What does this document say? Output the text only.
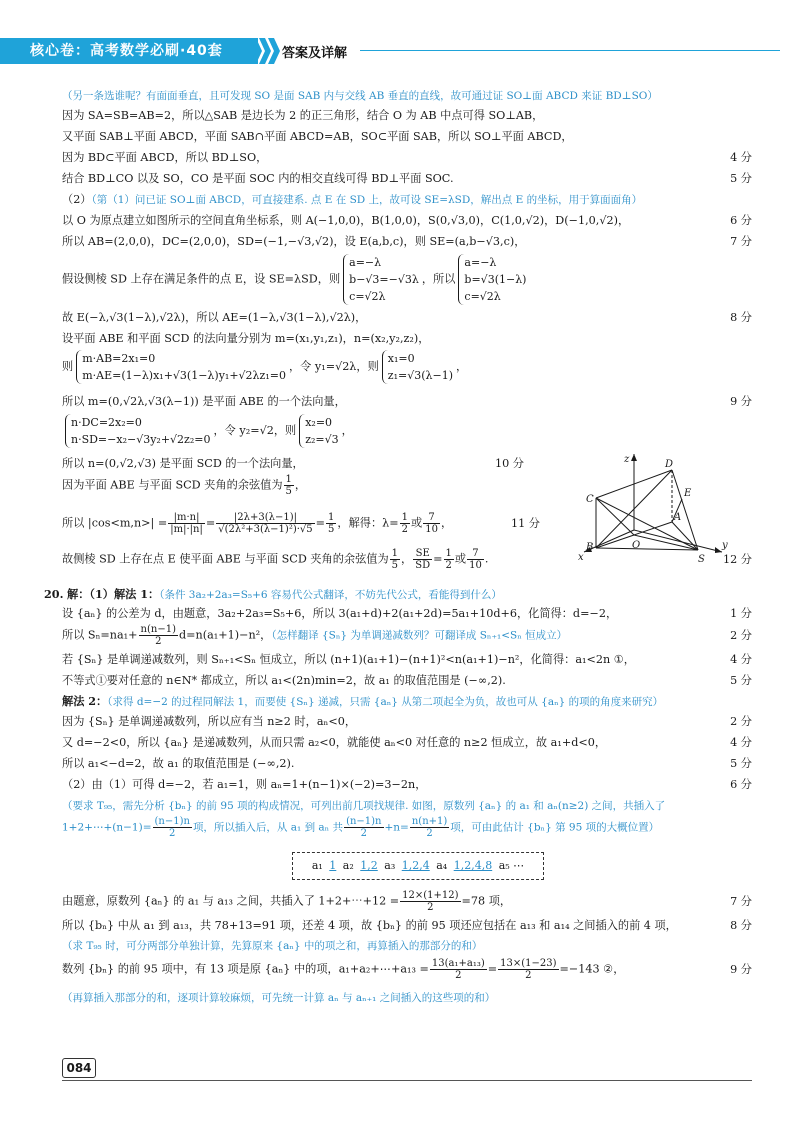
核心卷：高考数学必刷·40套	答案及详解
（另一条选谁呢？有面面垂直，且可发现 SO 是面 SAB 内与交线 AB 垂直的直线，故可通过证 SO⊥面 ABCD 来证 BD⊥SO）
因为 SA=SB=AB=2，所以△SAB 是边长为 2 的正三角形，结合 O 为 AB 中点可得 SO⊥AB，
又平面 SAB⊥平面 ABCD，平面 SAB∩平面 ABCD=AB，SO⊂平面 SAB，所以 SO⊥平面 ABCD，
因为 BD⊂平面 ABCD，所以 BD⊥SO，	4 分
结合 BD⊥CO 以及 SO，CO 是平面 SOC 内的相交直线可得 BD⊥平面 SOC.	5 分
（2）（第（1）问已证 SO⊥面 ABCD，可直接建系. 点 E 在 SD 上，故可设 SE=λSD，解出点 E 的坐标，用于算面面角）
以 O 为原点建立如图所示的空间直角坐标系，则 A(−1,0,0)，B(1,0,0)，S(0,√3,0)，C(1,0,√2)，D(−1,0,√2)，	6 分
所以 AB=(2,0,0)，DC=(2,0,0)，SD=(−1,−√3,√2)，设 E(a,b,c)，则 SE=(a,b−√3,c)，	7 分
假设侧棱 SD 上存在满足条件的点 E，设 SE=λSD，则
a=−λ
b−√3=−√3λ
c=√2λ
，所以
a=−λ
b=√3(1−λ)
c=√2λ
故 E(−λ,√3(1−λ),√2λ)，所以 AE=(1−λ,√3(1−λ),√2λ)，	8 分
设平面 ABE 和平面 SCD 的法向量分别为 m=(x₁,y₁,z₁)，n=(x₂,y₂,z₂)，
则
m·AB=2x₁=0
m·AE=(1−λ)x₁+√3(1−λ)y₁+√2λz₁=0
，令 y₁=√2λ，则
x₁=0
z₁=√3(λ−1)
，
所以 m=(0,√2λ,√3(λ−1)) 是平面 ABE 的一个法向量，	9 分
n·DC=2x₂=0
n·SD=−x₂−√3y₂+√2z₂=0
，令 y₂=√2，则
x₂=0
z₂=√3
，
所以 n=(0,√2,√3) 是平面 SCD 的一个法向量，	10 分
因为平面 ABE 与平面 SCD 夹角的余弦值为 $\frac{1}{5}$ ，
所以 $|\cos<m,n>| = \frac{|m\cdot n|}{|m|\cdot|n|} = \frac{|2\lambda+3(\lambda-1)|}{\text{√(2λ²+3(λ−1)²)·√5}} = \frac{1}{5}$ ，解得：$\lambda= \frac{1}{2}$ 或 $\frac{7}{10}$ ，	11 分
故侧棱 SD 上存在点 E 使平面 ABE 与平面 SCD 夹角的余弦值为 $\frac{1}{5}$ ， $\frac{SE}{SD} = \frac{1}{2}$ 或 $\frac{7}{10}$ .	12 分
20. 解：（1）解法 1：（条件 3a₂+2a₃=S₅+6 容易代公式翻译，不妨先代公式，看能得到什么）
设 {aₙ} 的公差为 d，由题意，3a₂+2a₃=S₅+6，所以 3(a₁+d)+2(a₁+2d)=5a₁+10d+6，化简得：d=−2，	1 分
所以 $S_n=na_1+ \frac{n(n-1)}{2} d=n(a_1+1)-n^2$，（怎样翻译 {Sₙ} 为单调递减数列？可翻译成 Sₙ₊₁<Sₙ 恒成立）	2 分
若 {Sₙ} 是单调递减数列，则 Sₙ₊₁<Sₙ 恒成立，所以 (n+1)(a₁+1)−(n+1)²<n(a₁+1)−n²，化简得：a₁<2n ①，	4 分
不等式①要对任意的 n∈N* 都成立，所以 a₁<(2n)min=2，故 a₁ 的取值范围是 (−∞,2).	5 分
解法 2：（求得 d=−2 的过程同解法 1，而要使 {Sₙ} 递减，只需 {aₙ} 从第二项起全为负，故也可从 {aₙ} 的项的角度来研究）
因为 {Sₙ} 是单调递减数列，所以应有当 n≥2 时，aₙ<0，	2 分
又 d=−2<0，所以 {aₙ} 是递减数列，从而只需 a₂<0，就能使 aₙ<0 对任意的 n≥2 恒成立，故 a₁+d<0，	4 分
所以 a₁<−d=2，故 a₁ 的取值范围是 (−∞,2).	5 分
（2）由（1）可得 d=−2，若 a₁=1，则 aₙ=1+(n−1)×(−2)=3−2n，	6 分
（要求 T₉₅，需先分析 {bₙ} 的前 95 项的构成情况，可列出前几项找规律. 如图，原数列 {aₙ} 的 a₁ 和 aₙ(n≥2) 之间，共插入了
1+2+⋯+(n−1)= $\frac{(n-1)n}{2}$ 项，所以插入后，从 a₁ 到 aₙ 共 $\frac{(n-1)n}{2} +n= \frac{n(n+1)}{2}$ 项，可由此估计 {bₙ} 第 95 项的大概位置）
a₁ 1 a₂ 1,2 a₃ 1,2,4 a₄ 1,2,4,8 a₅ ⋯
由题意，原数列 {aₙ} 的 a₁ 与 a₁₃ 之间，共插入了 1+2+⋯+12 = $\frac{12\times(1+12)}{2} =78$ 项，	7 分
所以 {bₙ} 中从 a₁ 到 a₁₃，共 78+13=91 项，还差 4 项，故 {bₙ} 的前 95 项还应包括在 a₁₃ 和 a₁₄ 之间插入的前 4 项，	8 分
（求 T₉₅ 时，可分两部分单独计算，先算原来 {aₙ} 中的项之和，再算插入的那部分的和）
数列 {bₙ} 的前 95 项中，有 13 项是原 {aₙ} 中的项，a₁+a₂+⋯+a₁₃ = $\frac{\text{13(a₁+a₁₃)}}{2} = \frac{13\times(1-23)}{2} =-143$ ②，	9 分
（再算插入那部分的和，逐项计算较麻烦，可先统一计算 aₙ 与 aₙ₊₁ 之间插入的这些项的和）
z	D
E
C
A
B	O
S
x
y
084
